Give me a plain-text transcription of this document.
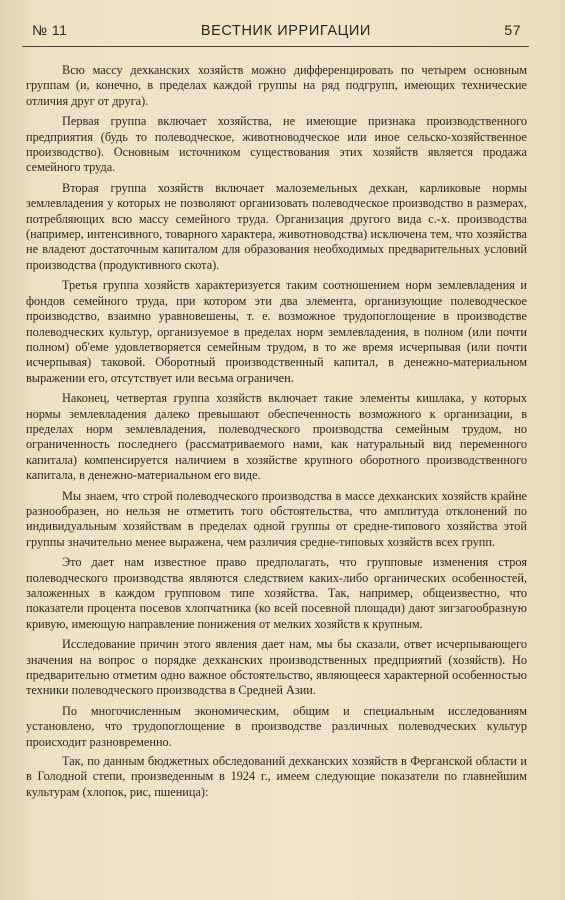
№ 11	ВЕСТНИК ИРРИГАЦИИ	57

Всю массу дехканских хозяйств можно дифференцировать по четырем основным группам (и, конечно, в пределах каждой группы на ряд подгрупп, имеющих технические отличия друг от друга).

Первая группа включает хозяйства, не имеющие признака производственного предприятия (будь то полеводческое, животноводческое или иное сельско-хозяйственное производство). Основным источником существования этих хозяйств является продажа семейного труда.

Вторая группа хозяйств включает малоземельных дехкан, карликовые нормы землевладения у которых не позволяют организовать полеводческое производство в размерах, потребляющих всю массу семейного труда. Организация другого вида с.-х. производства (например, интенсивного, товарного характера, животноводства) исключена тем, что хозяйства не владеют достаточным капиталом для образования необходимых предварительных условий производства (продуктивного скота).

Третья группа хозяйств характеризуется таким соотношением норм землевладения и фондов семейного труда, при котором эти два элемента, организующие полеводческое производство, взаимно уравновешены, т. е. возможное трудопоглощение в производстве полеводческих культур, организуемое в пределах норм землевладения, в полном (или почти полном) об'еме удовлетворяется семейным трудом, в то же время исчерпывая (или почти исчерпывая) таковой. Оборотный производственный капитал, в денежно-материальном выражении его, отсутствует или весьма ограничен.

Наконец, четвертая группа хозяйств включает такие элементы кишлака, у которых нормы землевладения далеко превышают обеспеченность возможного к организации, в пределах норм землевладения, полеводческого производства семейным трудом, но ограниченность последнего (рассматриваемого нами, как натуральный вид переменного капитала) компенсируется наличием в хозяйстве крупного оборотного производственного капитала, в денежно-материальном его виде.

Мы знаем, что строй полеводческого производства в массе дехканских хозяйств крайне разнообразен, но нельзя не отметить того обстоятельства, что амплитуда отклонений по индивидуальным хозяйствам в пределах одной группы от средне-типового хозяйства этой группы значительно менее выражена, чем различия средне-типовых хозяйств всех групп.

Это дает нам известное право предполагать, что групповые изменения строя полеводческого производства являются следствием каких-либо органических особенностей, заложенных в каждом групповом типе хозяйства. Так, например, общеизвестно, что показатели процента посевов хлопчатника (ко всей посевной площади) дают зигзагообразную кривую, имеющую направление понижения от мелких хозяйств к крупным.

Исследование причин этого явления дает нам, мы бы сказали, ответ исчерпывающего значения на вопрос о порядке дехканских производственных предприятий (хозяйств). Но предварительно отметим одно важное обстоятельство, являющееся характерной особенностью техники полеводческого производства в Средней Азии.

По многочисленным экономическим, общим и специальным исследованиям установлено, что трудопоглощение в производстве различных полеводческих культур происходит разновременно.

Так, по данным бюджетных обследований дехканских хозяйств в Ферганской области и в Голодной степи, произведенным в 1924 г., имеем следующие показатели по главнейшим культурам (хлопок, рис, пшеница):
